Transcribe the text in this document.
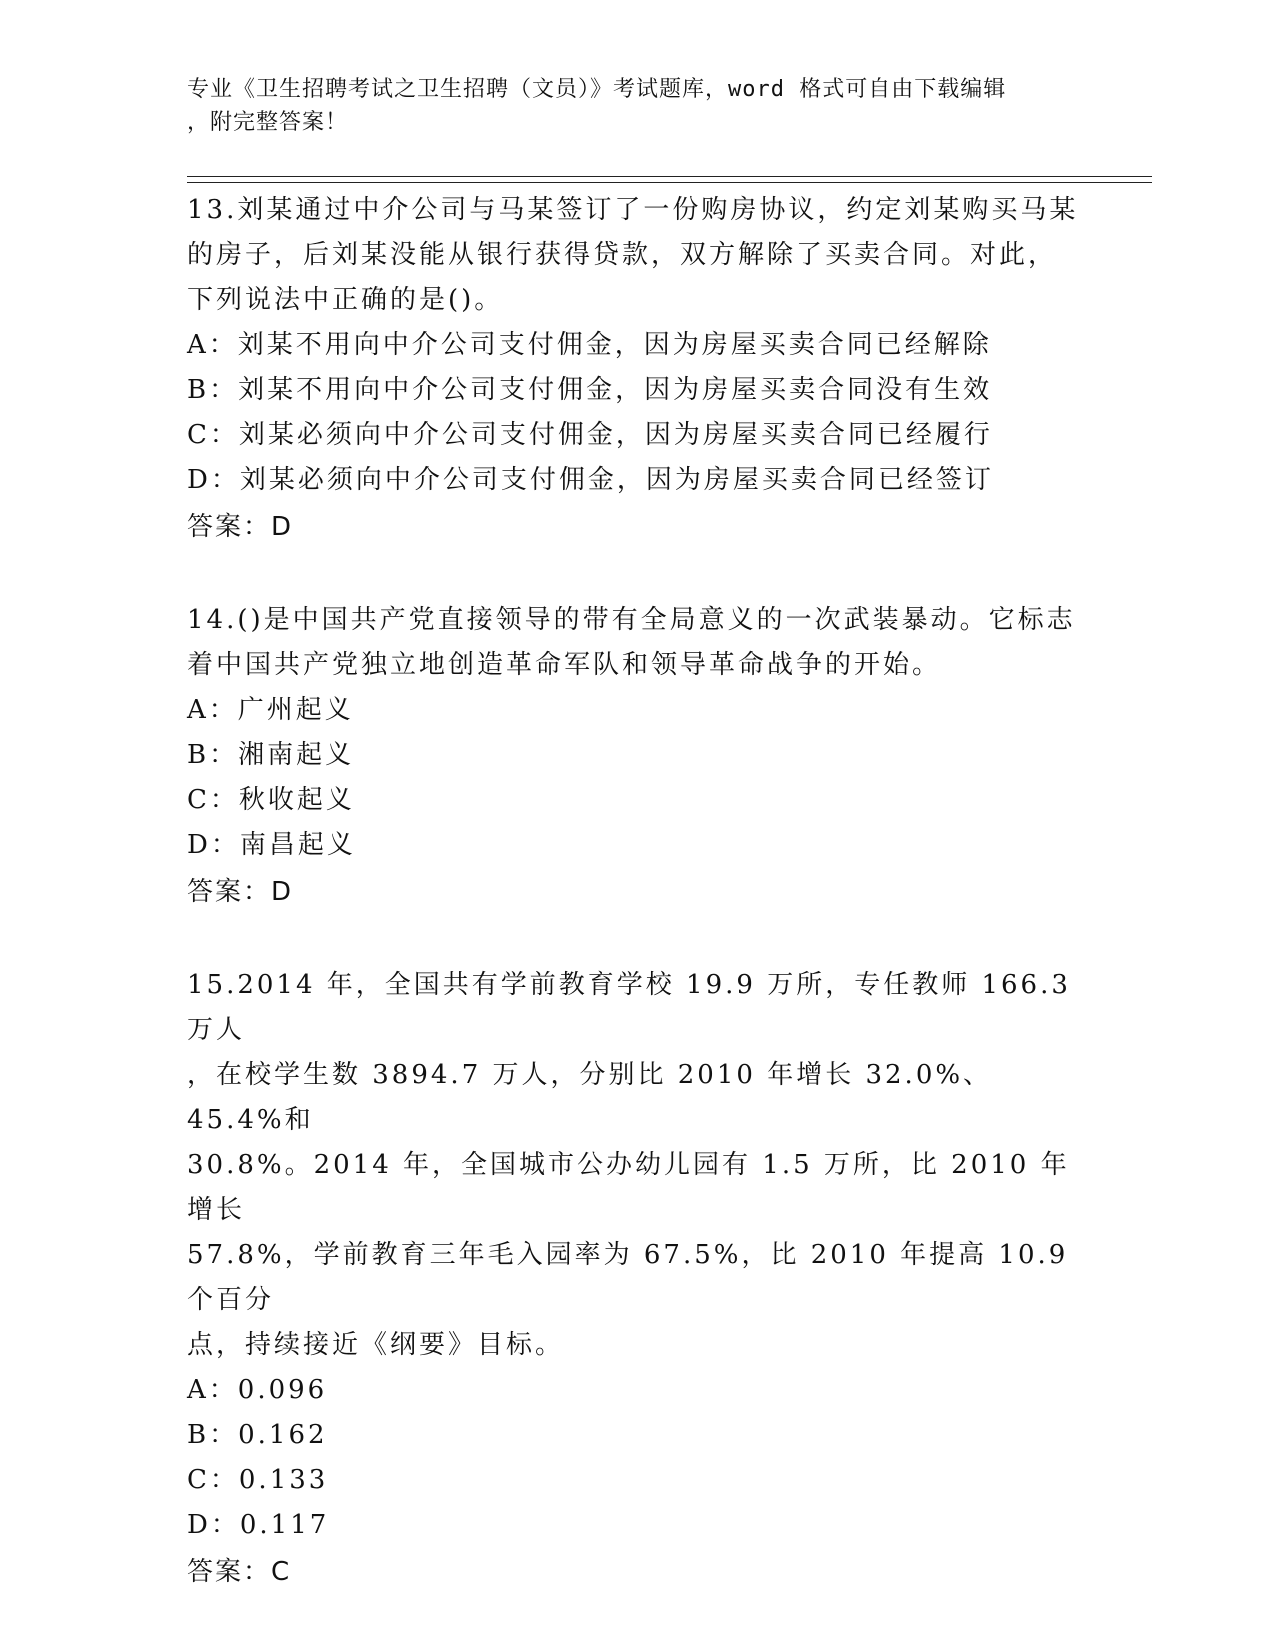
专业《卫生招聘考试之卫生招聘（文员）》考试题库，word 格式可自由下载编辑
，附完整答案！
13.刘某通过中介公司与马某签订了一份购房协议，约定刘某购买马某
的房子，后刘某没能从银行获得贷款，双方解除了买卖合同。对此，
下列说法中正确的是()。
A：刘某不用向中介公司支付佣金，因为房屋买卖合同已经解除
B：刘某不用向中介公司支付佣金，因为房屋买卖合同没有生效
C：刘某必须向中介公司支付佣金，因为房屋买卖合同已经履行
D：刘某必须向中介公司支付佣金，因为房屋买卖合同已经签订
答案：D
14.()是中国共产党直接领导的带有全局意义的一次武装暴动。它标志
着中国共产党独立地创造革命军队和领导革命战争的开始。
A：广州起义
B：湘南起义
C：秋收起义
D：南昌起义
答案：D
15.2014 年，全国共有学前教育学校 19.9 万所，专任教师 166.3 万人
，在校学生数 3894.7 万人，分别比 2010 年增长 32.0%、45.4%和
30.8%。2014 年，全国城市公办幼儿园有 1.5 万所，比 2010 年增长
57.8%，学前教育三年毛入园率为 67.5%，比 2010 年提高 10.9 个百分
点，持续接近《纲要》目标。
A：0.096
B：0.162
C：0.133
D：0.117
答案：C
